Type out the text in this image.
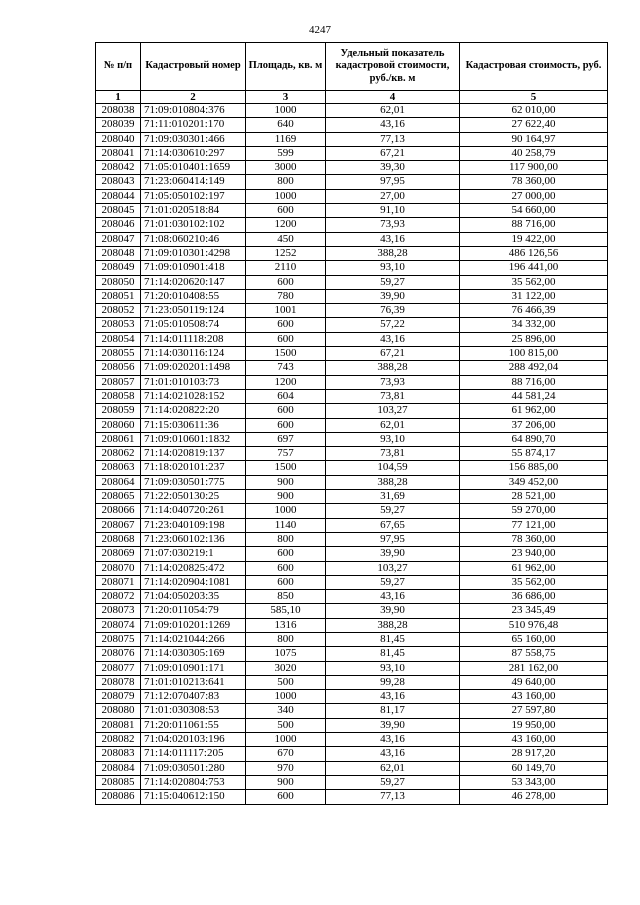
4247
№ п/п	Кадастровый номер	Площадь, кв. м	Удельный показатель кадастровой стоимости, руб./кв. м	Кадастровая стоимость, руб.
1	2	3	4	5
208038	71:09:010804:376	1000	62,01	62 010,00
208039	71:11:010201:170	640	43,16	27 622,40
208040	71:09:030301:466	1169	77,13	90 164,97
208041	71:14:030610:297	599	67,21	40 258,79
208042	71:05:010401:1659	3000	39,30	117 900,00
208043	71:23:060414:149	800	97,95	78 360,00
208044	71:05:050102:197	1000	27,00	27 000,00
208045	71:01:020518:84	600	91,10	54 660,00
208046	71:01:030102:102	1200	73,93	88 716,00
208047	71:08:060210:46	450	43,16	19 422,00
208048	71:09:010301:4298	1252	388,28	486 126,56
208049	71:09:010901:418	2110	93,10	196 441,00
208050	71:14:020620:147	600	59,27	35 562,00
208051	71:20:010408:55	780	39,90	31 122,00
208052	71:23:050119:124	1001	76,39	76 466,39
208053	71:05:010508:74	600	57,22	34 332,00
208054	71:14:011118:208	600	43,16	25 896,00
208055	71:14:030116:124	1500	67,21	100 815,00
208056	71:09:020201:1498	743	388,28	288 492,04
208057	71:01:010103:73	1200	73,93	88 716,00
208058	71:14:021028:152	604	73,81	44 581,24
208059	71:14:020822:20	600	103,27	61 962,00
208060	71:15:030611:36	600	62,01	37 206,00
208061	71:09:010601:1832	697	93,10	64 890,70
208062	71:14:020819:137	757	73,81	55 874,17
208063	71:18:020101:237	1500	104,59	156 885,00
208064	71:09:030501:775	900	388,28	349 452,00
208065	71:22:050130:25	900	31,69	28 521,00
208066	71:14:040720:261	1000	59,27	59 270,00
208067	71:23:040109:198	1140	67,65	77 121,00
208068	71:23:060102:136	800	97,95	78 360,00
208069	71:07:030219:1	600	39,90	23 940,00
208070	71:14:020825:472	600	103,27	61 962,00
208071	71:14:020904:1081	600	59,27	35 562,00
208072	71:04:050203:35	850	43,16	36 686,00
208073	71:20:011054:79	585,10	39,90	23 345,49
208074	71:09:010201:1269	1316	388,28	510 976,48
208075	71:14:021044:266	800	81,45	65 160,00
208076	71:14:030305:169	1075	81,45	87 558,75
208077	71:09:010901:171	3020	93,10	281 162,00
208078	71:01:010213:641	500	99,28	49 640,00
208079	71:12:070407:83	1000	43,16	43 160,00
208080	71:01:030308:53	340	81,17	27 597,80
208081	71:20:011061:55	500	39,90	19 950,00
208082	71:04:020103:196	1000	43,16	43 160,00
208083	71:14:011117:205	670	43,16	28 917,20
208084	71:09:030501:280	970	62,01	60 149,70
208085	71:14:020804:753	900	59,27	53 343,00
208086	71:15:040612:150	600	77,13	46 278,00
